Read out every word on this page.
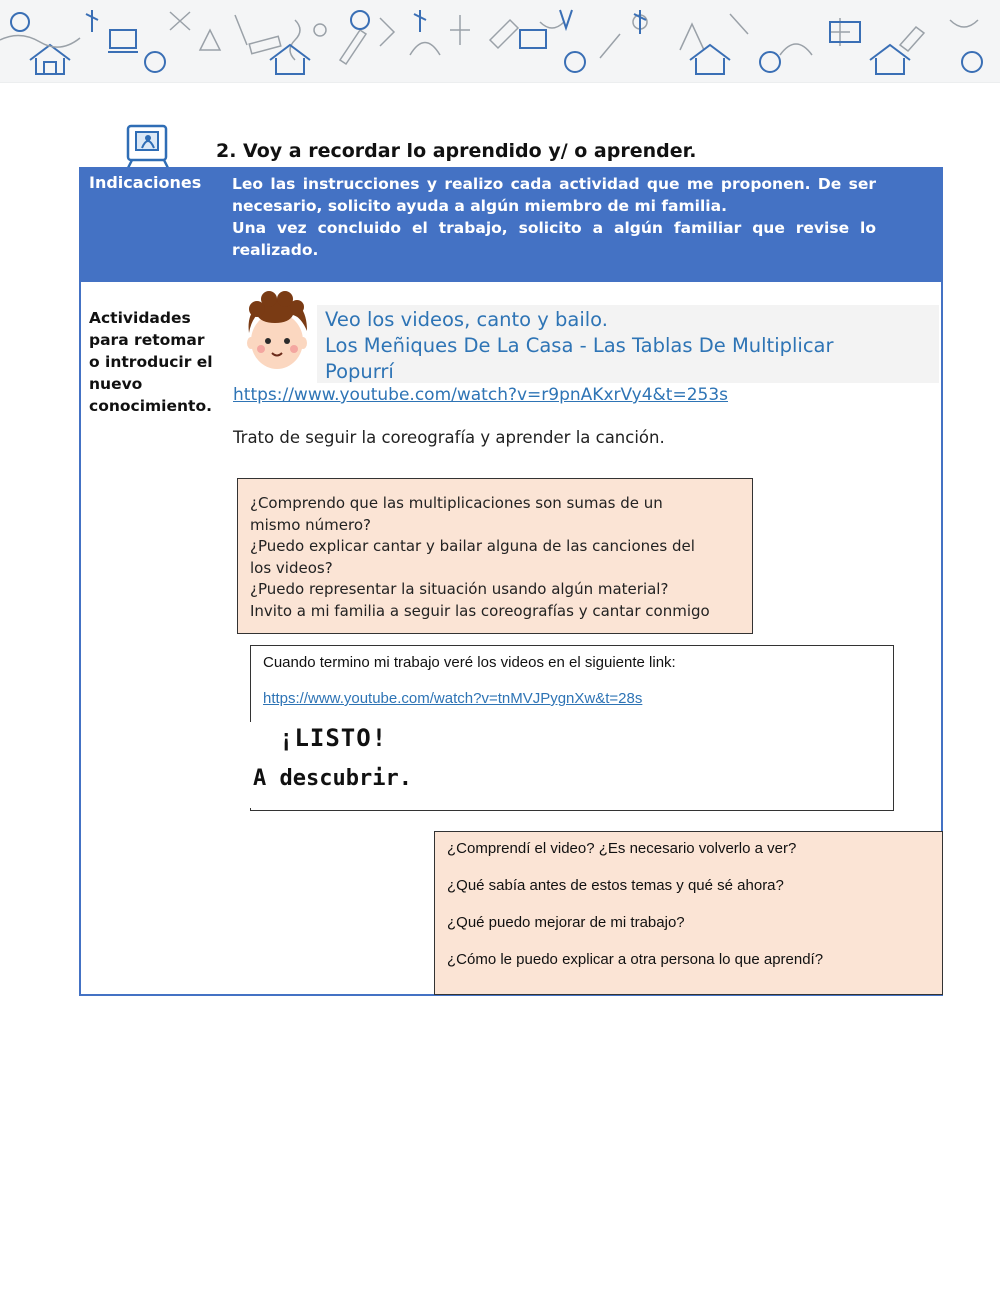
2. Voy a recordar lo aprendido y/ o aprender.
Indicaciones Leo las instrucciones y realizo cada actividad que me proponen. De ser necesario, solicito ayuda a algún miembro de mi familia.

Una vez concluido el trabajo, solicito a algún familiar que revise lo realizado.

Actividades para retomar o introducir el nuevo conocimiento.
Veo los videos, canto y bailo.
Los Meñiques De La Casa - Las Tablas De Multiplicar
Popurrí
https://www.youtube.com/watch?v=r9pnAKxrVy4&t=253s
Trato de seguir la coreografía y aprender la canción.
¿Comprendo que las multiplicaciones son sumas de un
mismo número?
¿Puedo explicar cantar y bailar alguna de las canciones del
los videos?
¿Puedo representar la situación usando algún material?
Invito a mi familia a seguir las coreografías y cantar conmigo
Cuando termino mi trabajo veré los videos en el siguiente link:
https://www.youtube.com/watch?v=tnMVJPygnXw&t=28s
¡LISTO!
A descubrir.
¿Comprendí el video? ¿Es necesario volverlo a ver?
¿Qué sabía antes de estos temas y qué sé ahora?
¿Qué puedo mejorar de mi trabajo?
¿Cómo le puedo explicar a otra persona lo que aprendí?
